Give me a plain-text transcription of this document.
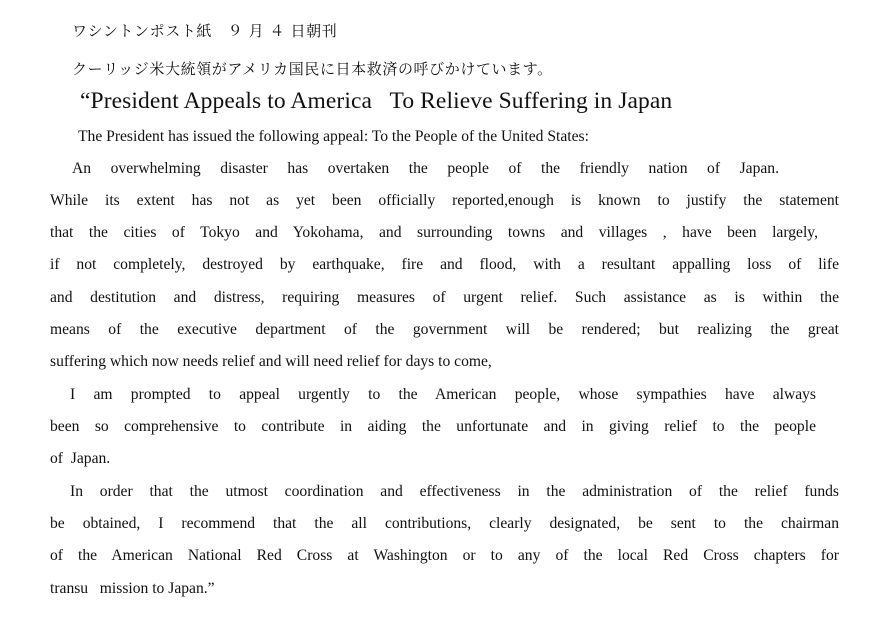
ワシントンポスト紙　９ 月 ４ 日朝刊
クーリッジ米大統領がアメリカ国民に日本救済の呼びかけています。
“President Appeals to America   To Relieve Suffering in Japan
The President has issued the following appeal: To the People of the United States:
An overwhelming disaster has overtaken the people of the friendly nation of Japan.
While its extent has not as yet been officially reported,enough is known to justify the statement
that the cities of Tokyo and Yokohama, and surrounding towns and villages , have been largely,
if not completely, destroyed by earthquake, fire and flood, with a resultant appalling loss of life
and destitution and distress, requiring measures of urgent relief. Such assistance as is within the
means of the executive department of the government will be rendered; but realizing the great
suffering which now needs relief and will need relief for days to come,
I am prompted to appeal urgently to the American people, whose sympathies have always
been so comprehensive to contribute in aiding the unfortunate and in giving relief to the people
of  Japan.
In order that the utmost coordination and effectiveness in the administration of the relief funds
be obtained, I recommend that the all contributions, clearly designated, be sent to the chairman
of the American National Red Cross at Washington or to any of the local Red Cross chapters for
transu   mission to Japan.”
